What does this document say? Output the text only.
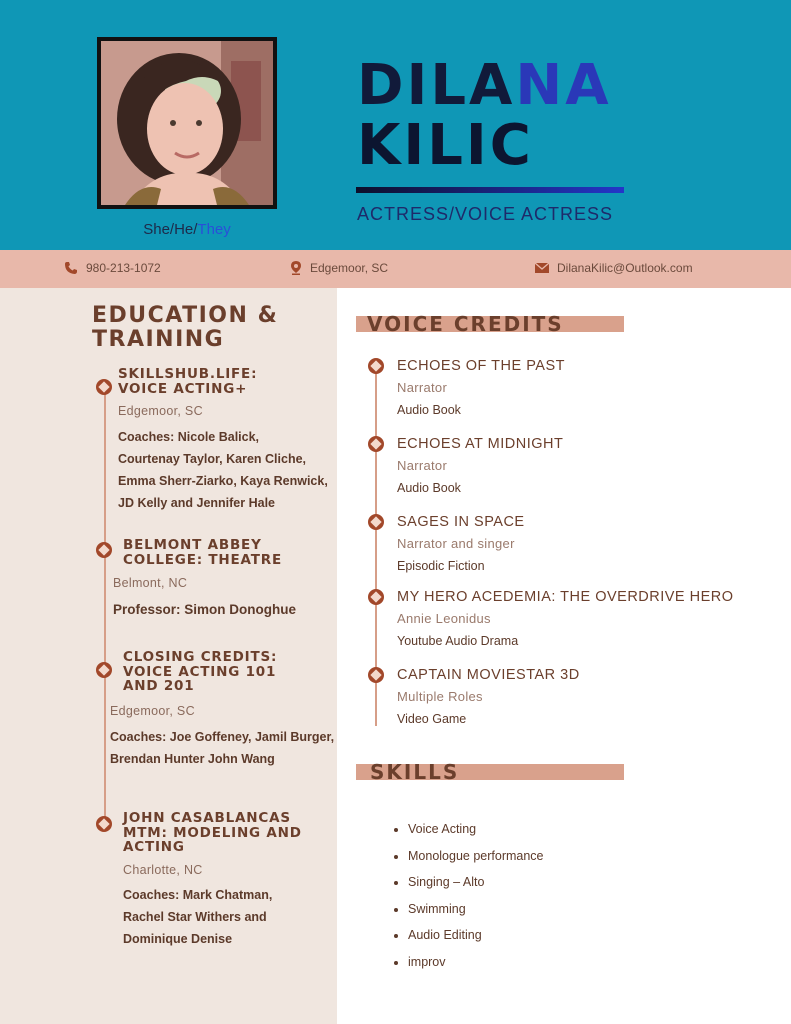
She/He/They
DILANA
KILIC
ACTRESS/VOICE ACTRESS
980-213-1072	Edgemoor, SC	DilanaKilic@Outlook.com
EDUCATION &
TRAINING
SKILLSHUB.LIFE:
VOICE ACTING+
Edgemoor, SC
Coaches: Nicole Balick,
Courtenay Taylor, Karen Cliche,
Emma Sherr-Ziarko, Kaya Renwick,
JD Kelly and Jennifer Hale
BELMONT ABBEY
COLLEGE: THEATRE
Belmont, NC
Professor: Simon Donoghue
CLOSING CREDITS:
VOICE ACTING 101
AND 201
Edgemoor, SC
Coaches: Joe Goffeney, Jamil Burger,
Brendan Hunter John Wang
JOHN CASABLANCAS
MTM: MODELING AND
ACTING
Charlotte, NC
Coaches: Mark Chatman,
Rachel Star Withers and
Dominique Denise
VOICE CREDITS
ECHOES OF THE PAST
Narrator
Audio Book
ECHOES AT MIDNIGHT
Narrator
Audio Book
SAGES IN SPACE
Narrator and singer
Episodic Fiction
MY HERO ACEDEMIA: THE OVERDRIVE HERO
Annie Leonidus
Youtube Audio Drama
CAPTAIN MOVIESTAR 3D
Multiple Roles
Video Game
SKILLS
• Voice Acting
• Monologue performance
• Singing – Alto
• Swimming
• Audio Editing
• improv
